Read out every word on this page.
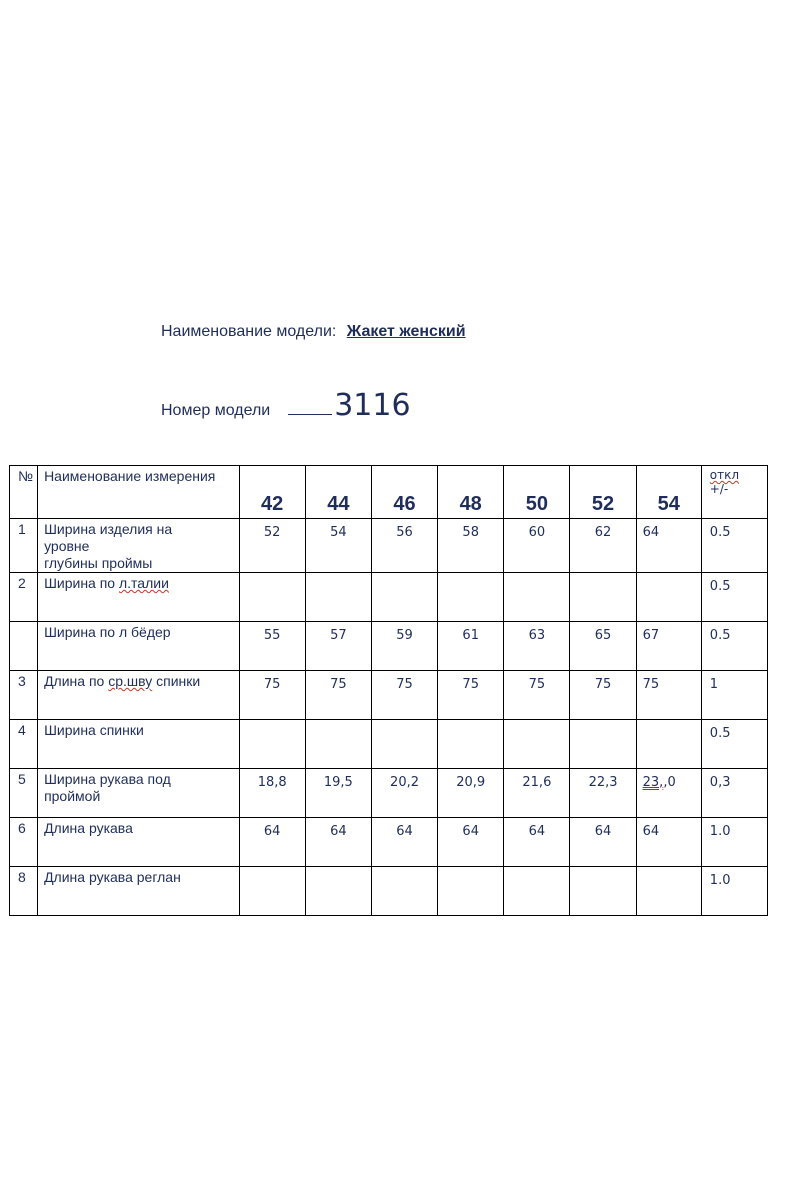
Наименование модели: Жакет женский
Номер модели 3116
№	Наименование измерения	42	44	46	48	50	52	54	откл
+/-
1	Ширина изделия на
уровне
глубины проймы	52	54	56	58	60	62	64	0.5
2	Ширина по л.талии								0.5
	Ширина по л бёдер	55	57	59	61	63	65	67	0.5
3	Длина по ср.шву спинки	75	75	75	75	75	75	75	1
4	Ширина спинки								0.5
5	Ширина рукава под
проймой	18,8	19,5	20,2	20,9	21,6	22,3	23,,0	0,3
6	Длина рукава	64	64	64	64	64	64	64	1.0
8	Длина рукава реглан								1.0
